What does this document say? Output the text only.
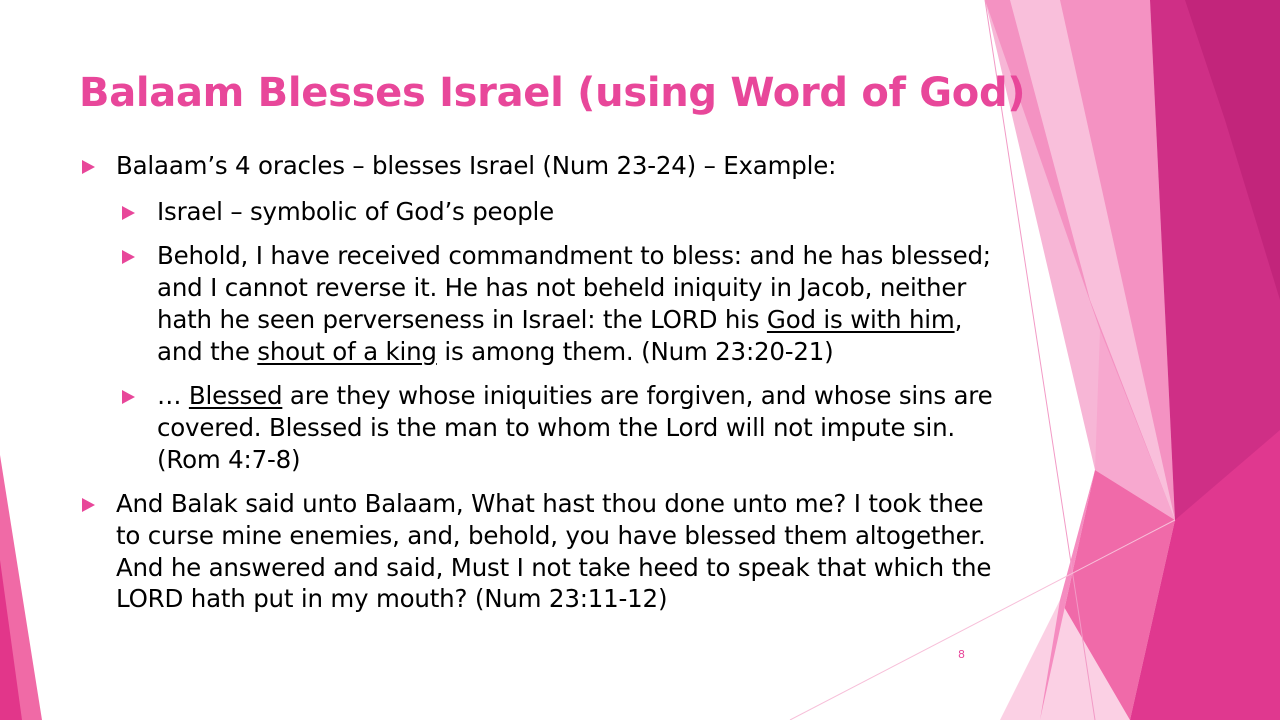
Balaam Blesses Israel (using Word of God)
Balaam’s 4 oracles – blesses Israel (Num 23-24) – Example:
Israel – symbolic of God’s people
Behold, I have received commandment to bless: and he has blessed; and I cannot reverse it. He has not beheld iniquity in Jacob, neither hath he seen perverseness in Israel: the LORD his God is with him, and the shout of a king is among them. (Num 23:20-21)
… Blessed are they whose iniquities are forgiven, and whose sins are covered. Blessed is the man to whom the Lord will not impute sin. (Rom 4:7-8)
And Balak said unto Balaam, What hast thou done unto me? I took thee to curse mine enemies, and, behold, you have blessed them altogether. And he answered and said, Must I not take heed to speak that which the LORD hath put in my mouth? (Num 23:11-12)
8
